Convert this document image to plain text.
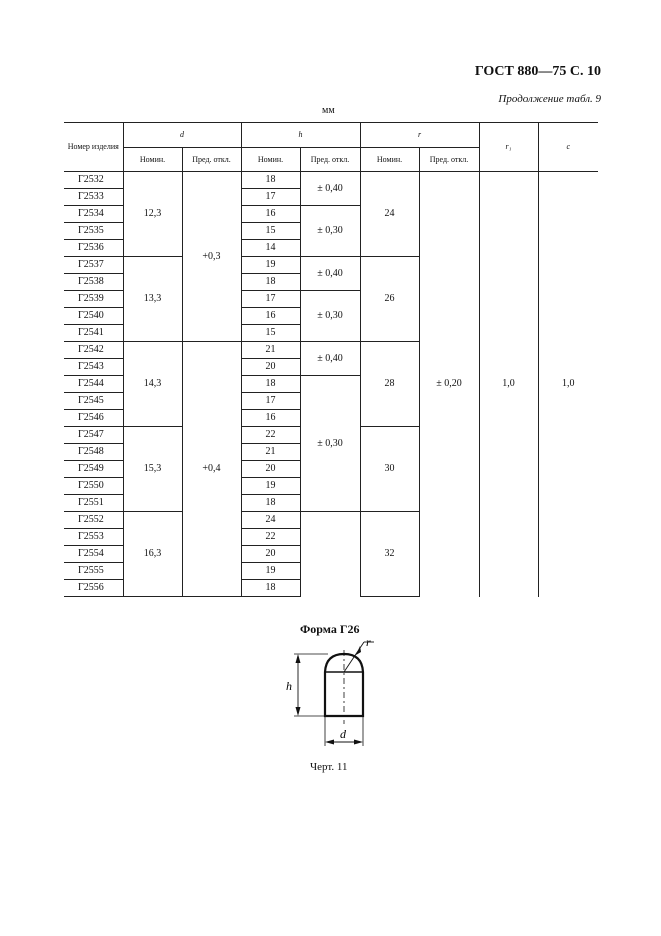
ГОСТ 880—75 С. 10
Продолжение табл. 9
мм
Номер изделия	d		h		r		r₁	c
	Номин.	Пред. откл.	Номин.	Пред. откл.	Номин.	Пред. откл.		
Г2532	12,3	+0,3	18	± 0,40	24	± 0,20	1,0	1,0
Г2533			17					
Г2534			16	± 0,30				
Г2535			15					
Г2536			14					
Г2537	13,3		19	± 0,40	26			
Г2538			18					
Г2539			17	± 0,30				
Г2540			16					
Г2541			15					
Г2542	14,3	+0,4	21	± 0,40	28			
Г2543			20					
Г2544			18	± 0,30				
Г2545			17					
Г2546			16					
Г2547	15,3		22		30			
Г2548			21					
Г2549			20					
Г2550			19					
Г2551			18					
Г2552	16,3		24		32			
Г2553			22					
Г2554			20					
Г2555			19					
Г2556			18					
Форма Г26
r
h
d
Черт. 11
